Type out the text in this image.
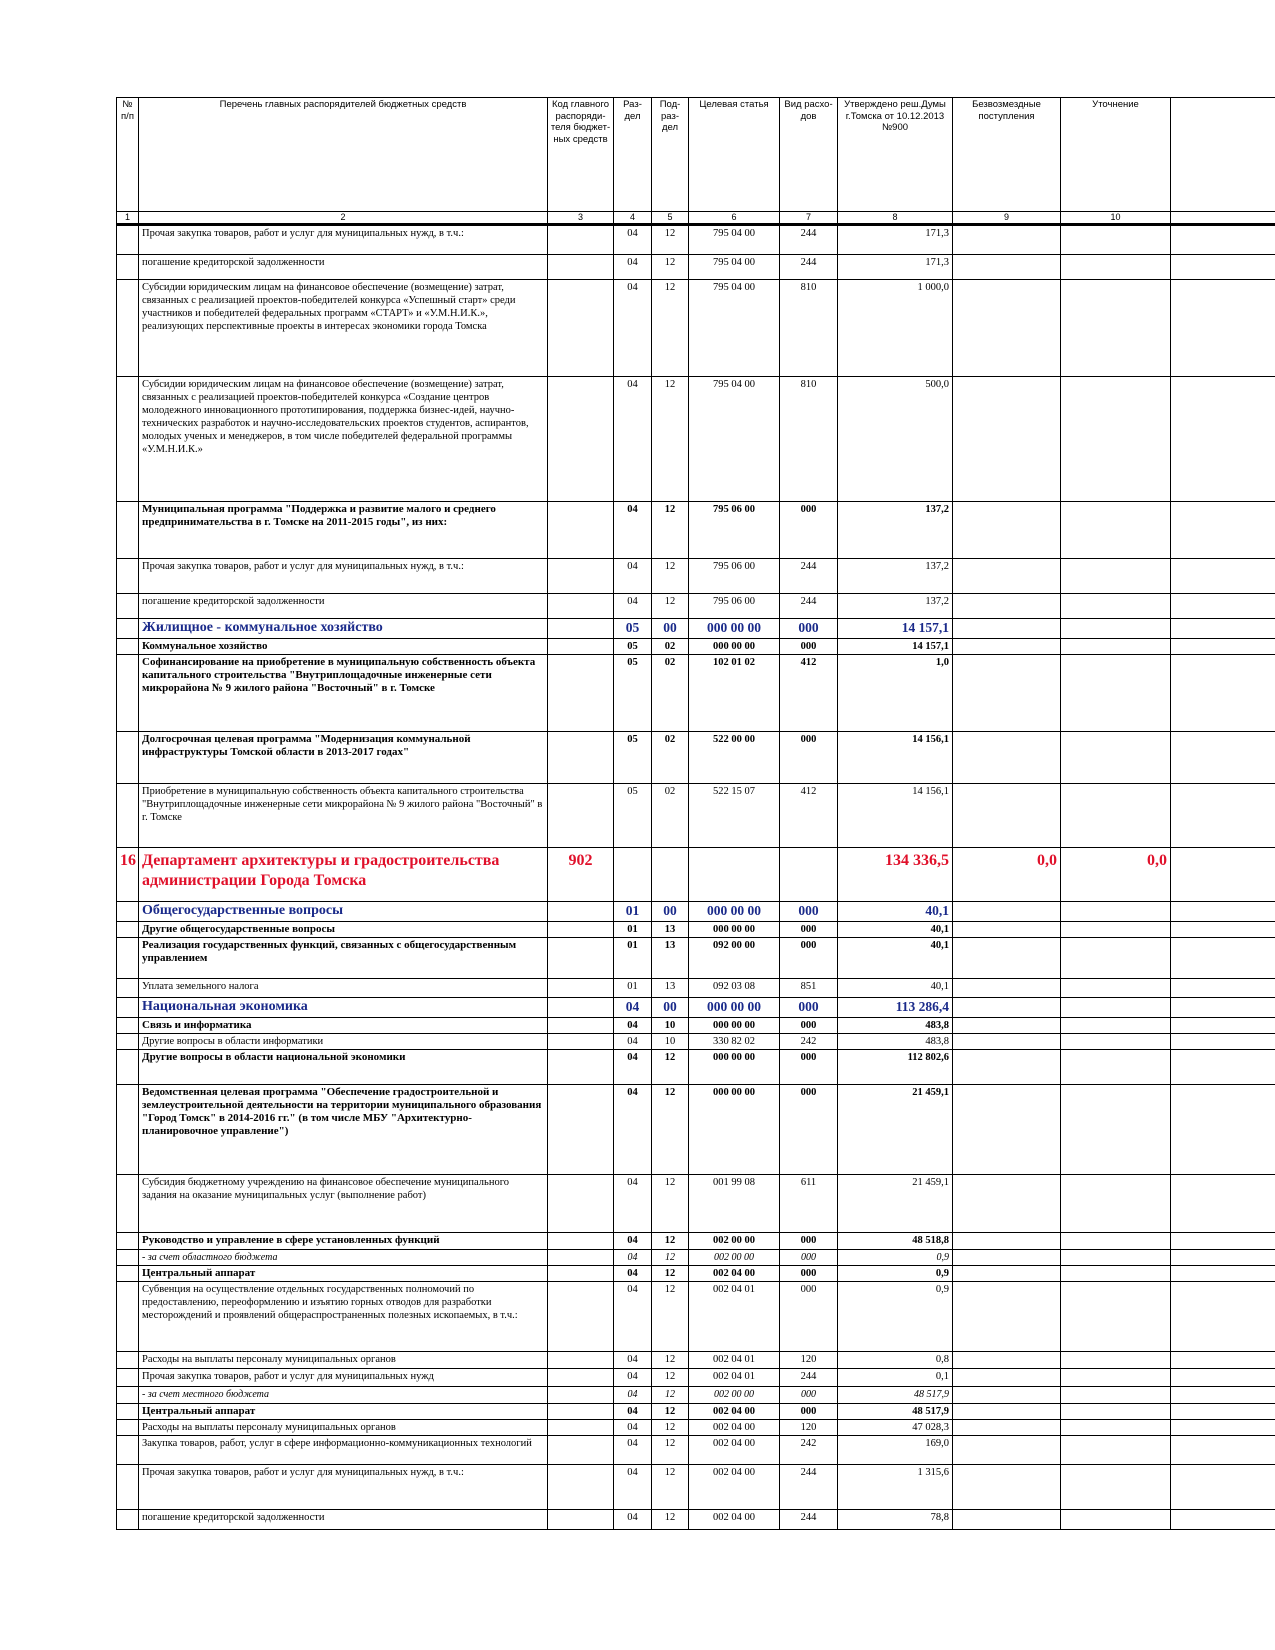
№ п/п	Перечень главных распорядителей бюджетных средств	Код главного распоряди- теля бюджет- ных средств	Раз- дел	Под- раз- дел	Целевая статья	Вид расхо- дов	Утверждено реш.Думы г.Томска от 10.12.2013 №900	Безвозмездные поступления	Уточнение	
1	2	3	4	5	6	7	8	9	10	
	Прочая закупка товаров, работ и услуг для муниципальных нужд, в т.ч.:		04	12	795 04 00	244	171,3			
	погашение кредиторской задолженности		04	12	795 04 00	244	171,3			
	Субсидии юридическим лицам на финансовое обеспечение (возмещение) затрат, связанных с реализацией проектов-победителей конкурса «Успешный старт» среди участников и победителей федеральных программ «СТАРТ» и «У.М.Н.И.К.», реализующих перспективные проекты в интересах экономики города Томска		04	12	795 04 00	810	1 000,0			
	Субсидии юридическим лицам на финансовое обеспечение (возмещение) затрат, связанных с реализацией проектов-победителей конкурса «Создание центров молодежного инновационного прототипирования, поддержка бизнес-идей, научно-технических разработок и научно-исследовательских проектов студентов, аспирантов, молодых ученых и менеджеров, в том числе победителей федеральной программы «У.М.Н.И.К.»		04	12	795 04 00	810	500,0			
	Муниципальная программа "Поддержка и развитие малого и среднего предпринимательства в г. Томске на 2011-2015 годы", из них:		04	12	795 06 00	000	137,2			
	Прочая закупка товаров, работ и услуг для муниципальных нужд, в т.ч.:		04	12	795 06 00	244	137,2			
	погашение кредиторской задолженности		04	12	795 06 00	244	137,2			
	Жилищное - коммунальное хозяйство		05	00	000 00 00	000	14 157,1			
	Коммунальное хозяйство		05	02	000 00 00	000	14 157,1			
	Софинансирование на приобретение в муниципальную собственность объекта капитального строительства "Внутриплощадочные инженерные сети микрорайона № 9 жилого района "Восточный" в г. Томске		05	02	102 01 02	412	1,0			
	Долгосрочная целевая программа "Модернизация коммунальной инфраструктуры Томской области в 2013-2017 годах"		05	02	522 00 00	000	14 156,1			
	Приобретение в муниципальную собственность объекта капитального строительства "Внутриплощадочные инженерные сети микрорайона № 9 жилого района "Восточный" в г. Томске		05	02	522 15 07	412	14 156,1			
16	Департамент архитектуры и градостроительства администрации Города Томска	902					134 336,5	0,0	0,0	
	Общегосударственные вопросы		01	00	000 00 00	000	40,1			
	Другие общегосударственные вопросы		01	13	000 00 00	000	40,1			
	Реализация государственных функций, связанных с общегосударственным управлением		01	13	092 00 00	000	40,1			
	Уплата земельного налога		01	13	092 03 08	851	40,1			
	Национальная экономика		04	00	000 00 00	000	113 286,4			
	Связь и информатика		04	10	000 00 00	000	483,8			
	Другие вопросы в области информатики		04	10	330 82 02	242	483,8			
	Другие вопросы в области национальной экономики		04	12	000 00 00	000	112 802,6			
	Ведомственная целевая программа "Обеспечение градостроительной и землеустроительной деятельности на территории муниципального образования "Город Томск" в 2014-2016 гг." (в том числе МБУ "Архитектурно-планировочное управление")		04	12	000 00 00	000	21 459,1			
	Субсидия бюджетному учреждению на финансовое обеспечение муниципального задания на оказание муниципальных услуг (выполнение работ)		04	12	001 99 08	611	21 459,1			
	Руководство и управление в сфере установленных функций		04	12	002 00 00	000	48 518,8			
	- за счет областного бюджета		04	12	002 00 00	000	0,9			
	Центральный аппарат		04	12	002 04 00	000	0,9			
	Субвенция на осуществление отдельных государственных полномочий по предоставлению, переоформлению и изъятию горных отводов для разработки месторождений и проявлений общераспространенных полезных ископаемых, в т.ч.:		04	12	002 04 01	000	0,9			
	Расходы на выплаты персоналу муниципальных органов		04	12	002 04 01	120	0,8			
	Прочая закупка товаров, работ и услуг для муниципальных нужд		04	12	002 04 01	244	0,1			
	- за счет местного бюджета		04	12	002 00 00	000	48 517,9			
	Центральный аппарат		04	12	002 04 00	000	48 517,9			
	Расходы на выплаты персоналу муниципальных органов		04	12	002 04 00	120	47 028,3			
	Закупка товаров, работ, услуг в сфере информационно-коммуникационных технологий		04	12	002 04 00	242	169,0			
	Прочая закупка товаров, работ и услуг для муниципальных нужд, в т.ч.:		04	12	002 04 00	244	1 315,6			
	погашение кредиторской задолженности		04	12	002 04 00	244	78,8			
